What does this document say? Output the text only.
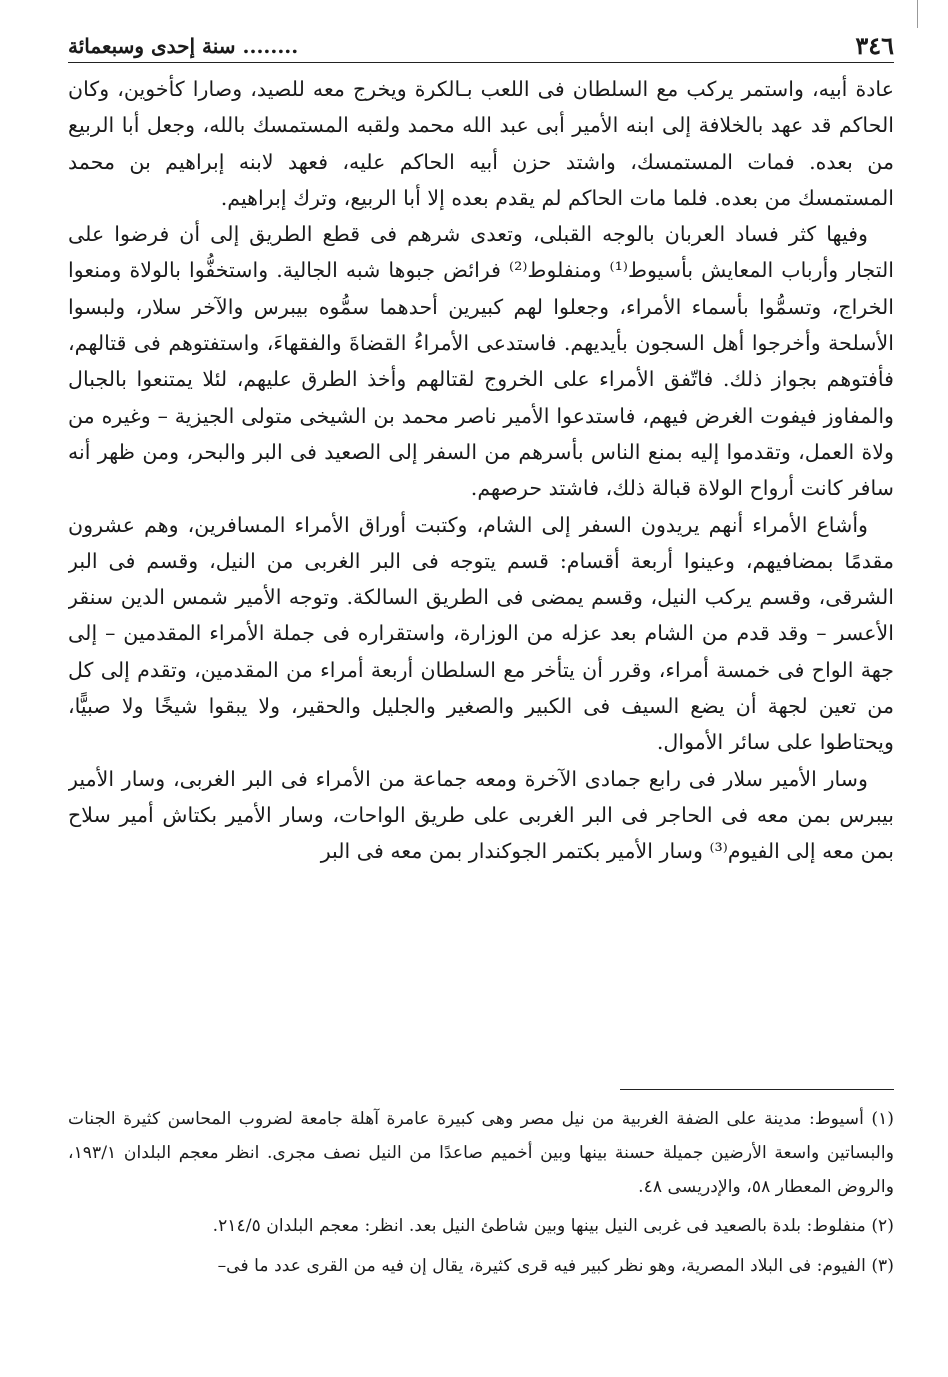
٣٤٦
........ سنة إحدى وسبعمائة

عادة أبيه، واستمر يركب مع السلطان فى اللعب بـالكرة ويخرج معه للصيد، وصارا كأخوين، وكان الحاكم قد عهد بالخلافة إلى ابنه الأمير أبى عبد الله محمد ولقبه المستمسك بالله، وجعل أبا الربيع من بعده. فمات المستمسك، واشتد حزن أبيه الحاكم عليه، فعهد لابنه إبراهيم بن محمد المستمسك من بعده. فلما مات الحاكم لم يقدم بعده إلا أبا الربيع، وترك إبراهيم.

وفيها كثر فساد العربان بالوجه القبلى، وتعدى شرهم فى قطع الطريق إلى أن فرضوا على التجار وأرباب المعايش بأسيوط⁽¹⁾ ومنفلوط⁽²⁾ فرائض جبوها شبه الجالية. واستخفُّوا بالولاة ومنعوا الخراج، وتسمُّوا بأسماء الأمراء، وجعلوا لهم كبيرين أحدهما سمُّوه بيبرس والآخر سلار، ولبسوا الأسلحة وأخرجوا أهل السجون بأيديهم. فاستدعى الأمراءُ القضاةَ والفقهاءَ، واستفتوهم فى قتالهم، فأفتوهم بجواز ذلك. فاتّفق الأمراء على الخروج لقتالهم وأخذ الطرق عليهم، لئلا يمتنعوا بالجبال والمفاوز فيفوت الغرض فيهم، فاستدعوا الأمير ناصر محمد بن الشيخى متولى الجيزية – وغيره من ولاة العمل، وتقدموا إليه بمنع الناس بأسرهم من السفر إلى الصعيد فى البر والبحر، ومن ظهر أنه سافر كانت أرواح الولاة قبالة ذلك، فاشتد حرصهم.

وأشاع الأمراء أنهم يريدون السفر إلى الشام، وكتبت أوراق الأمراء المسافرين، وهم عشرون مقدمًا بمضافيهم، وعينوا أربعة أقسام: قسم يتوجه فى البر الغربى من النيل، وقسم فى البر الشرقى، وقسم يركب النيل، وقسم يمضى فى الطريق السالكة. وتوجه الأمير شمس الدين سنقر الأعسر – وقد قدم من الشام بعد عزله من الوزارة، واستقراره فى جملة الأمراء المقدمين – إلى جهة الواح فى خمسة أمراء، وقرر أن يتأخر مع السلطان أربعة أمراء من المقدمين، وتقدم إلى كل من تعين لجهة أن يضع السيف فى الكبير والصغير والجليل والحقير، ولا يبقوا شيخًا ولا صبيًّا، ويحتاطوا على سائر الأموال.

وسار الأمير سلار فى رابع جمادى الآخرة ومعه جماعة من الأمراء فى البر الغربى، وسار الأمير بيبرس بمن معه فى الحاجر فى البر الغربى على طريق الواحات، وسار الأمير بكتاش أمير سلاح بمن معه إلى الفيوم⁽³⁾ وسار الأمير بكتمر الجوكندار بمن معه فى البر

(١) أسيوط: مدينة على الضفة الغربية من نيل مصر وهى كبيرة عامرة آهلة جامعة لضروب المحاسن كثيرة الجنات والبساتين واسعة الأرضين جميلة حسنة بينها وبين أخميم صاعدًا من النيل نصف مجرى. انظر معجم البلدان ١٩٣/١، والروض المعطار ٥٨، والإدريسى ٤٨.

(٢) منفلوط: بلدة بالصعيد فى غربى النيل بينها وبين شاطئ النيل بعد. انظر: معجم البلدان ٢١٤/٥.

(٣) الفيوم: فى البلاد المصرية، وهو نظر كبير فيه قرى كثيرة، يقال إن فيه من القرى عدد ما فى–
